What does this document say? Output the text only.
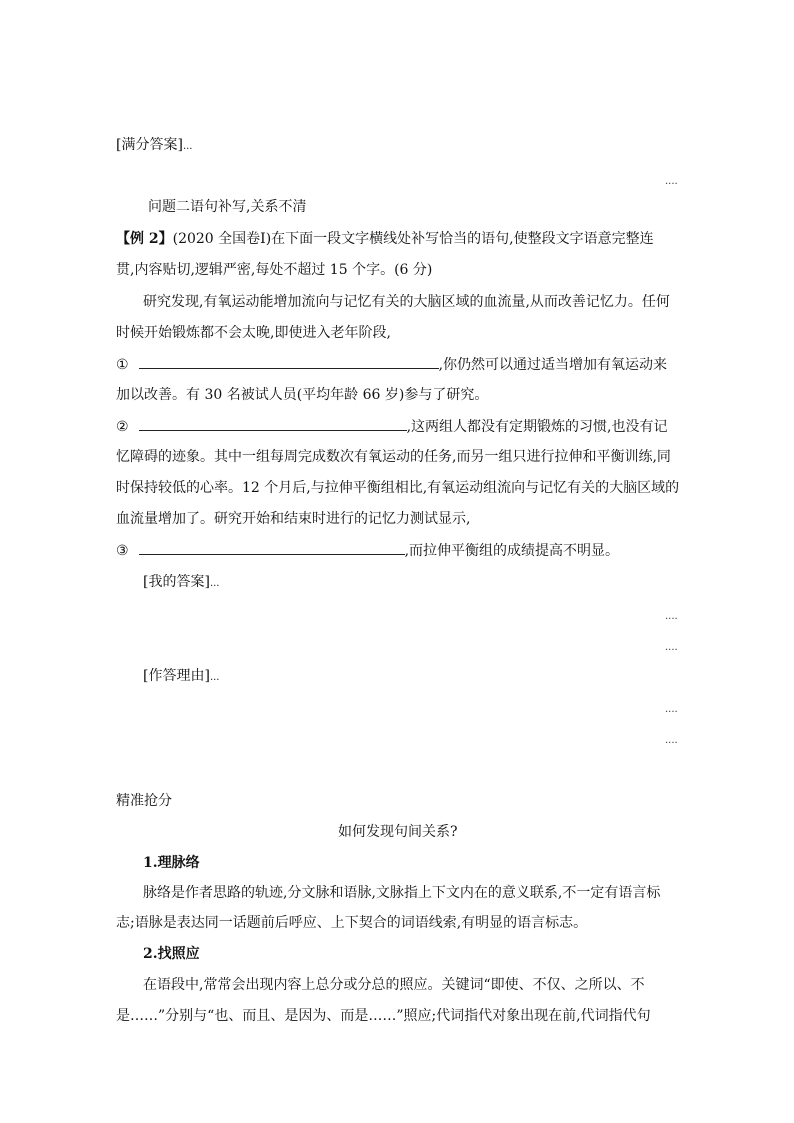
[满分答案]...
....
问题二语句补写,关系不清
【例 2】(2020 全国卷Ⅰ)在下面一段文字横线处补写恰当的语句,使整段文字语意完整连
贯,内容贴切,逻辑严密,每处不超过 15 个字。(6 分)
研究发现,有氧运动能增加流向与记忆有关的大脑区域的血流量,从而改善记忆力。任何
时候开始锻炼都不会太晚,即使进入老年阶段,
①	,你仍然可以通过适当增加有氧运动来
加以改善。有 30 名被试人员(平均年龄 66 岁)参与了研究。
②	,这两组人都没有定期锻炼的习惯,也没有记
忆障碍的迹象。其中一组每周完成数次有氧运动的任务,而另一组只进行拉伸和平衡训练,同
时保持较低的心率。12 个月后,与拉伸平衡组相比,有氧运动组流向与记忆有关的大脑区域的
血流量增加了。研究开始和结束时进行的记忆力测试显示,
③	,而拉伸平衡组的成绩提高不明显。
[我的答案]...
....
....
[作答理由]...
....
....
精准抢分
如何发现句间关系?
1.理脉络
脉络是作者思路的轨迹,分文脉和语脉,文脉指上下文内在的意义联系,不一定有语言标
志;语脉是表达同一话题前后呼应、上下契合的词语线索,有明显的语言标志。
2.找照应
在语段中,常常会出现内容上总分或分总的照应。关键词“即使、不仅、之所以、不
是……”分别与“也、而且、是因为、而是……”照应;代词指代对象出现在前,代词指代句
